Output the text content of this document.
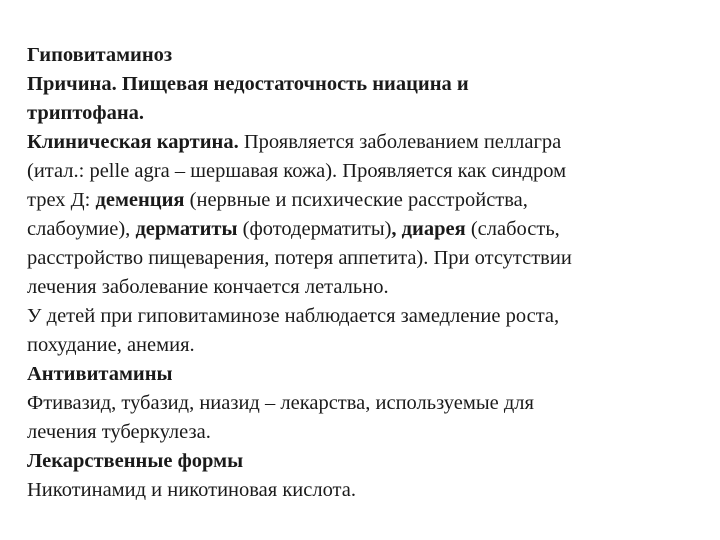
Гиповитаминоз
Причина. Пищевая недостаточность ниацина и
триптофана.
Клиническая картина. Проявляется заболеванием пеллагра
(итал.: pelle agra – шершавая кожа). Проявляется как синдром
трех Д: деменция (нервные и психические расстройства,
слабоумие), дерматиты (фотодерматиты), диарея (слабость,
расстройство пищеварения, потеря аппетита). При отсутствии
лечения заболевание кончается летально.
У детей при гиповитаминозе наблюдается замедление роста,
похудание, анемия.
Антивитамины
Фтивазид, тубазид, ниазид – лекарства, используемые для
лечения туберкулеза.
Лекарственные формы
Никотинамид и никотиновая кислота.
